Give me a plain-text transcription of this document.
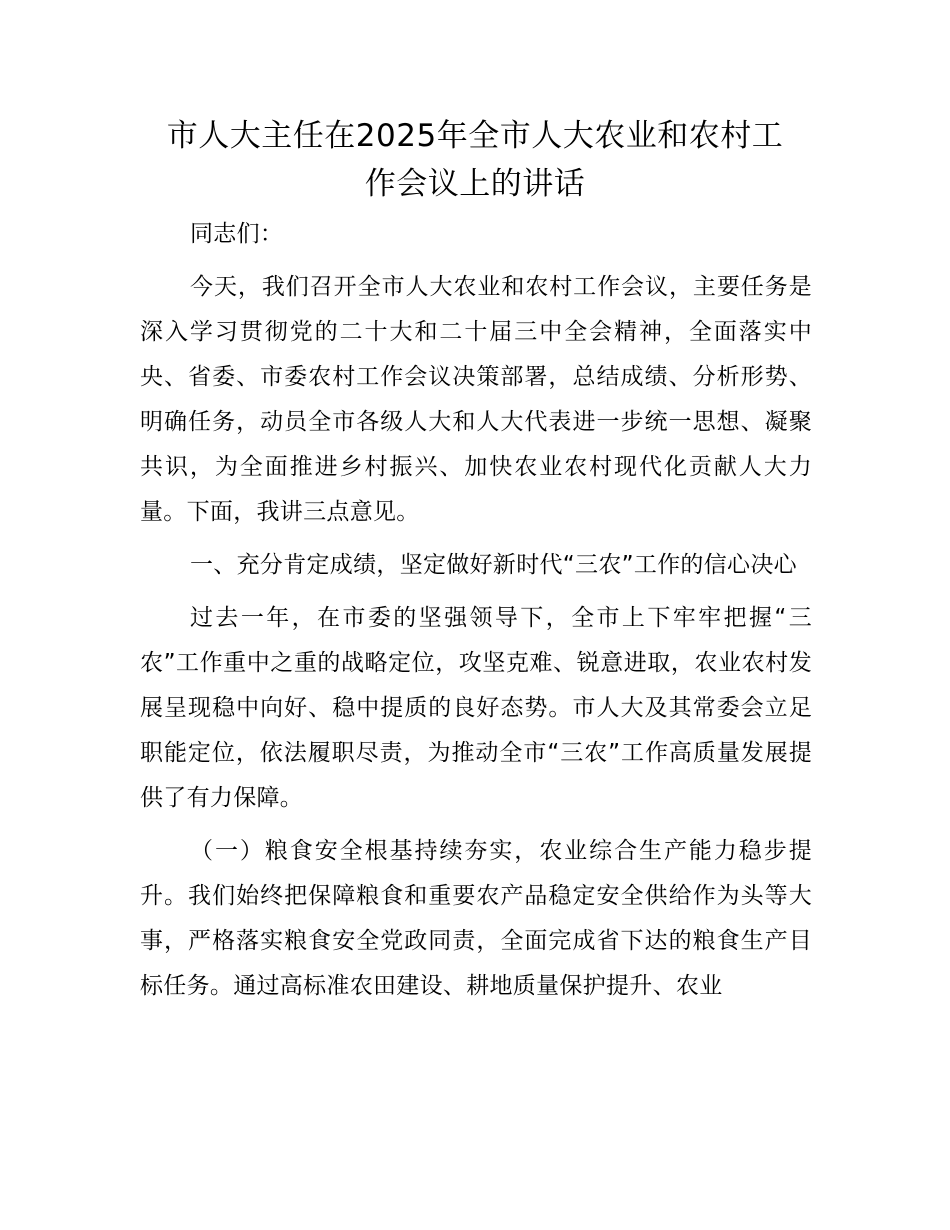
市人大主任在2025年全市人大农业和农村工
作会议上的讲话

同志们：

今天，我们召开全市人大农业和农村工作会议，主要任务是深入学习贯彻党的二十大和二十届三中全会精神，全面落实中央、省委、市委农村工作会议决策部署，总结成绩、分析形势、明确任务，动员全市各级人大和人大代表进一步统一思想、凝聚共识，为全面推进乡村振兴、加快农业农村现代化贡献人大力量。下面，我讲三点意见。

一、充分肯定成绩，坚定做好新时代“三农”工作的信心决心

过去一年，在市委的坚强领导下，全市上下牢牢把握“三农”工作重中之重的战略定位，攻坚克难、锐意进取，农业农村发展呈现稳中向好、稳中提质的良好态势。市人大及其常委会立足职能定位，依法履职尽责，为推动全市“三农”工作高质量发展提供了有力保障。

（一）粮食安全根基持续夯实，农业综合生产能力稳步提升。我们始终把保障粮食和重要农产品稳定安全供给作为头等大事，严格落实粮食安全党政同责，全面完成省下达的粮食生产目标任务。通过高标准农田建设、耕地质量保护提升、农业
